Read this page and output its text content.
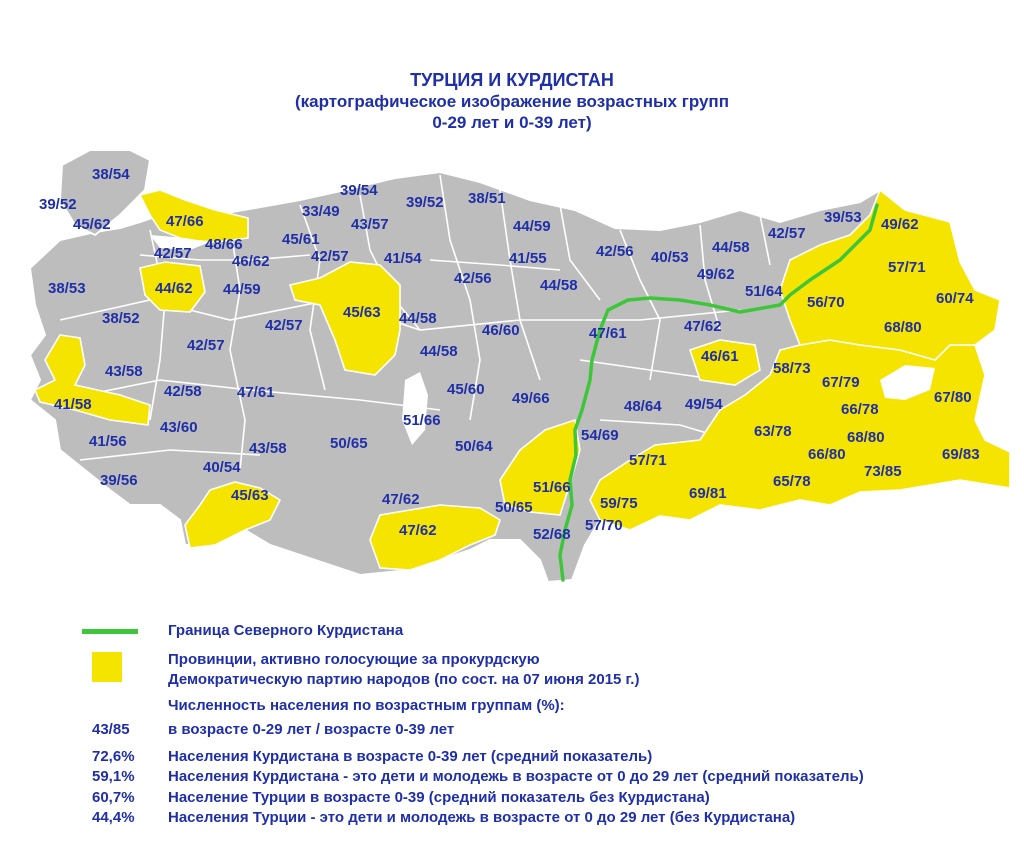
ТУРЦИЯ И КУРДИСТАН
(картографическое изображение возрастных групп
0-29 лет и 0-39 лет)
38/54
39/52
45/62	47/66
42/57
48/66
46/62
44/62 44/59
38/53
38/52
39/54
33/49
43/57
39/52 38/51
45/61
42/57 41/54
44/59
42/56
41/55
44/58
42/56 40/53
44/58
42/57
39/53 49/62
49/62
51/64
57/71
60/74
56/70
68/80
42/57
45/63 44/58
46/60	47/61	47/62
42/57	44/58	46/61
58/73
67/79
43/58
42/58 47/61	45/60
49/66	48/64 49/54	66/78
67/80
41/58
43/60	51/66
54/69	63/78	68/80
41/56	43/58	50/65	50/64
57/71	66/80	69/83
40/54	73/85
39/56	51/66	65/78
45/63	47/62	69/81
59/75
50/65
47/62	57/70
52/68
Граница Северного Курдистана
Провинции, активно голосующие за прокурдскую
Демократическую партию народов (по сост. на 07 июня 2015 г.)
Численность населения по возрастным группам (%):
43/85	в возрасте 0-29 лет / возрасте 0-39 лет
72,6% Населения Курдистана в возрасте 0-39 лет (средний показатель)
59,1% Населения Курдистана - это дети и молодежь в возрасте от 0 до 29 лет (средний показатель)
60,7% Население Турции в возрасте 0-39 (средний показатель без Курдистана)
44,4% Населения Турции - это дети и молодежь в возрасте от 0 до 29 лет (без Курдистана)
